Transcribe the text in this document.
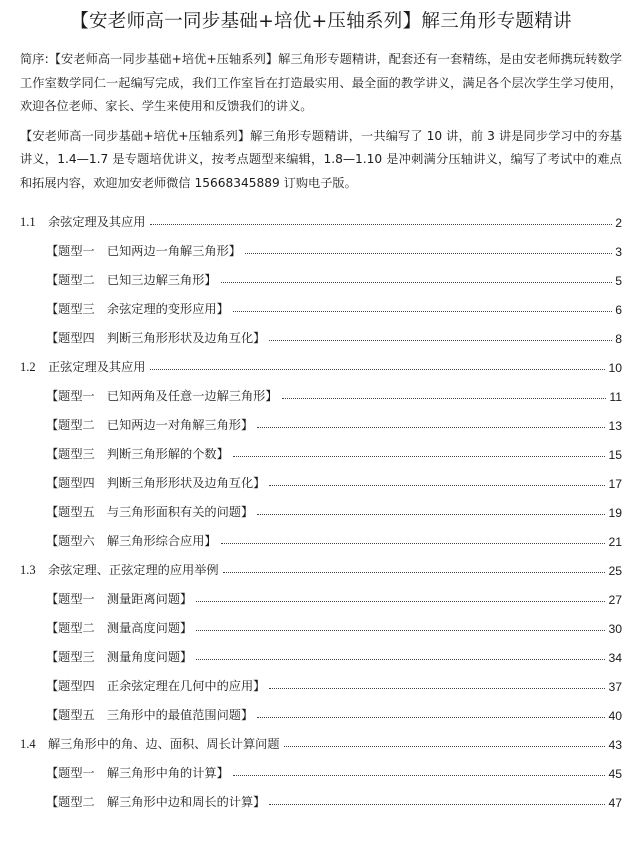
【安老师高一同步基础+培优+压轴系列】解三角形专题精讲

简序:【安老师高一同步基础+培优+压轴系列】解三角形专题精讲，配套还有一套精练，是由安老师携玩转数学工作室数学同仁一起编写完成，我们工作室旨在打造最实用、最全面的教学讲义，满足各个层次学生学习使用，欢迎各位老师、家长、学生来使用和反馈我们的讲义。

【安老师高一同步基础+培优+压轴系列】解三角形专题精讲，一共编写了 10 讲，前 3 讲是同步学习中的夯基讲义，1.4—1.7 是专题培优讲义，按考点题型来编辑，1.8—1.10 是冲刺满分压轴讲义，编写了考试中的难点和拓展内容，欢迎加安老师微信 15668345889 订购电子版。

1.1	余弦定理及其应用	2
【题型一　已知两边一角解三角形】	3
【题型二　已知三边解三角形】	5
【题型三　余弦定理的变形应用】	6
【题型四　判断三角形形状及边角互化】	8
1.2	正弦定理及其应用	10
【题型一　已知两角及任意一边解三角形】	11
【题型二　已知两边一对角解三角形】	13
【题型三　判断三角形解的个数】	15
【题型四　判断三角形形状及边角互化】	17
【题型五　与三角形面积有关的问题】	19
【题型六　解三角形综合应用】	21
1.3	余弦定理、正弦定理的应用举例	25
【题型一　测量距离问题】	27
【题型二　测量高度问题】	30
【题型三　测量角度问题】	34
【题型四　正余弦定理在几何中的应用】	37
【题型五　三角形中的最值范围问题】	40
1.4	解三角形中的角、边、面积、周长计算问题	43
【题型一　解三角形中角的计算】	45
【题型二　解三角形中边和周长的计算】	47
